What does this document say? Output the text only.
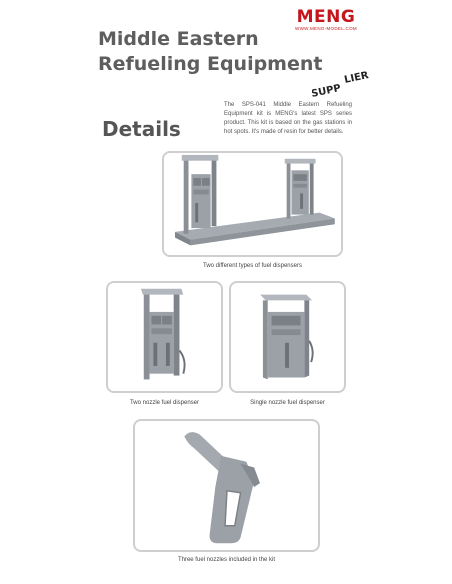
MENG
WWW.MENG-MODEL.COM
Middle Eastern
Refueling Equipment
SUPP
LIER
Details
The SPS-041 Middle Eastern Refueling Equipment kit is MENG's latest SPS series product. This kit is based on the gas stations in hot spots. It's made of resin for better details.
Two different types of fuel dispensers
Two nozzle fuel dispenser	Single nozzle fuel dispenser
Three fuel nozzles included in the kit
